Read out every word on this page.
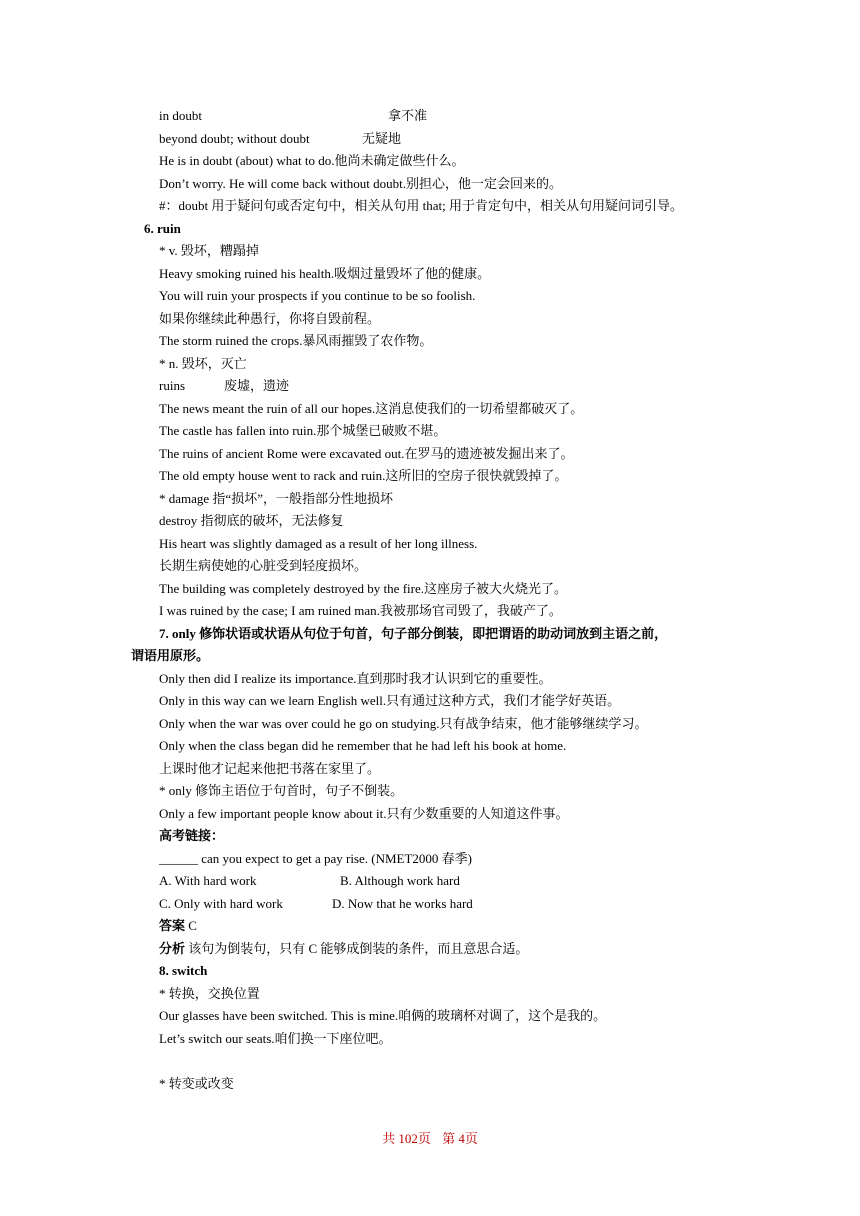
in doubt	拿不准
beyond doubt; without doubt	无疑地
He is in doubt (about) what to do.他尚未确定做些什么。
Don’t worry. He will come back without doubt.别担心，他一定会回来的。
#：doubt 用于疑问句或否定句中，相关从句用 that; 用于肯定句中，相关从句用疑问词引导。
6. ruin
* v. 毁坏，糟蹋掉
Heavy smoking ruined his health.吸烟过量毁坏了他的健康。
You will ruin your prospects if you continue to be so foolish.
如果你继续此种愚行，你将自毁前程。
The storm ruined the crops.暴风雨摧毁了农作物。
* n. 毁坏，灭亡
ruins	废墟，遗迹
The news meant the ruin of all our hopes.这消息使我们的一切希望都破灭了。
The castle has fallen into ruin.那个城堡已破败不堪。
The ruins of ancient Rome were excavated out.在罗马的遗迹被发掘出来了。
The old empty house went to rack and ruin.这所旧的空房子很快就毁掉了。
* damage 指“损坏”，一般指部分性地损坏
destroy 指彻底的破坏，无法修复
His heart was slightly damaged as a result of her long illness.
长期生病使她的心脏受到轻度损坏。
The building was completely destroyed by the fire.这座房子被大火烧光了。
I was ruined by the case; I am ruined man.我被那场官司毁了，我破产了。
7. only 修饰状语或状语从句位于句首，句子部分倒装，即把谓语的助动词放到主语之前，
谓语用原形。
Only then did I realize its importance.直到那时我才认识到它的重要性。
Only in this way can we learn English well.只有通过这种方式，我们才能学好英语。
Only when the war was over could he go on studying.只有战争结束，他才能够继续学习。
Only when the class began did he remember that he had left his book at home.
上课时他才记起来他把书落在家里了。
* only 修饰主语位于句首时，句子不倒装。
Only a few important people know about it.只有少数重要的人知道这件事。
高考链接：
______ can you expect to get a pay rise. (NMET2000 春季)
A. With hard work	B. Although work hard
C. Only with hard work	D. Now that he works hard
答案 C
分析 该句为倒装句，只有 C 能够成倒装的条件，而且意思合适。
8. switch
* 转换，交换位置
Our glasses have been switched. This is mine.咱俩的玻璃杯对调了，这个是我的。
Let’s switch our seats.咱们换一下座位吧。
* 转变或改变
共 102页 第 4页
